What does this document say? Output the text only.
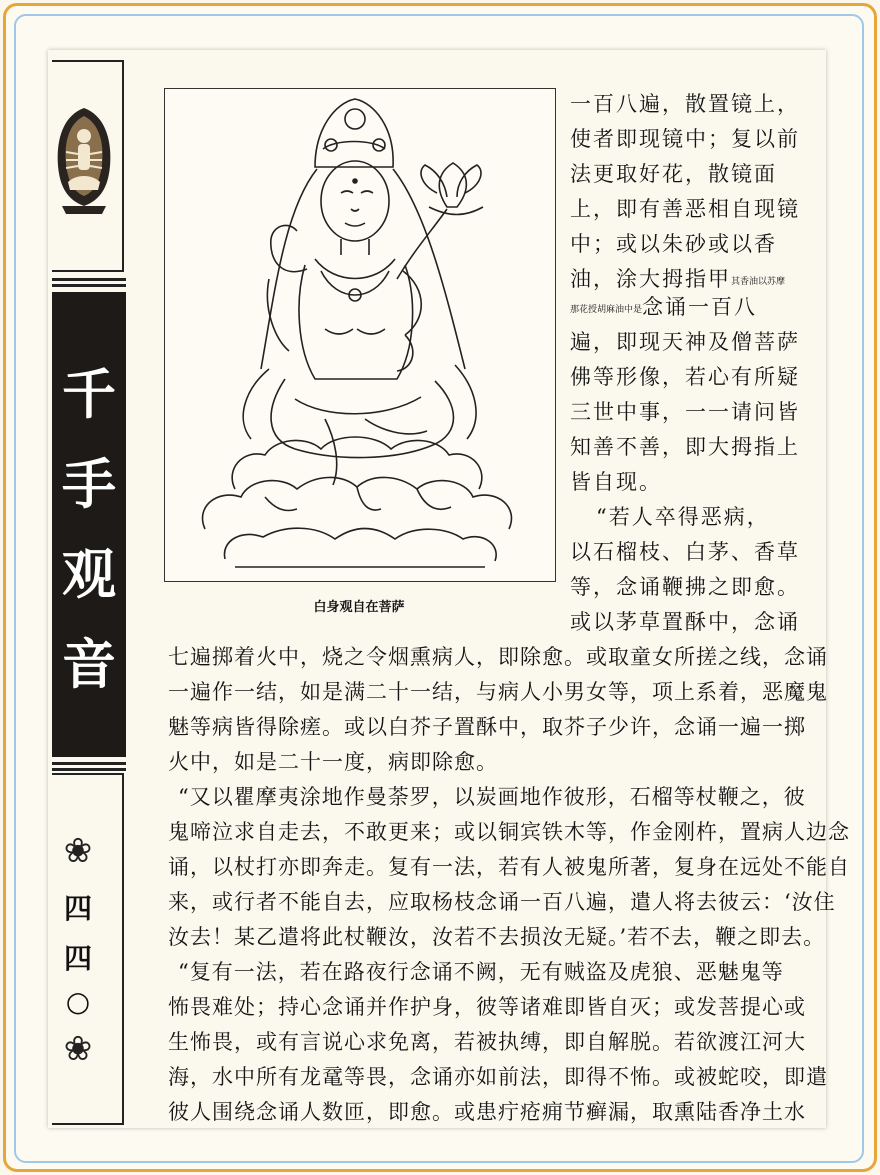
千
手
观
音
❀
四
四
○
❀
白身观自在菩萨
一百八遍，散置镜上，
使者即现镜中；复以前
法更取好花，散镜面
上，即有善恶相自现镜
中；或以朱砂或以香
油，涂大拇指甲其香油以苏摩
那花授胡麻油中是念诵一百八
遍，即现天神及僧菩萨
佛等形像，若心有所疑
三世中事，一一请问皆
知善不善，即大拇指上
皆自现。
“若人卒得恶病，
以石榴枝、白茅、香草
等，念诵鞭拂之即愈。
或以茅草置酥中，念诵
七遍掷着火中，烧之令烟熏病人，即除愈。或取童女所搓之线，念诵
一遍作一结，如是满二十一结，与病人小男女等，项上系着，恶魔鬼
魅等病皆得除瘥。或以白芥子置酥中，取芥子少许，念诵一遍一掷
火中，如是二十一度，病即除愈。
“又以瞿摩夷涂地作曼荼罗，以炭画地作彼形，石榴等杖鞭之，彼
鬼啼泣求自走去，不敢更来；或以铜宾铁木等，作金刚杵，置病人边念
诵，以杖打亦即奔走。复有一法，若有人被鬼所著，复身在远处不能自
来，或行者不能自去，应取杨枝念诵一百八遍，遣人将去彼云：‘汝住
汝去！某乙遣将此杖鞭汝，汝若不去损汝无疑。’若不去，鞭之即去。
“复有一法，若在路夜行念诵不阙，无有贼盗及虎狼、恶魅鬼等
怖畏难处；持心念诵并作护身，彼等诸难即皆自灭；或发菩提心或
生怖畏，或有言说心求免离，若被执缚，即自解脱。若欲渡江河大
海，水中所有龙鼋等畏，念诵亦如前法，即得不怖。或被蛇咬，即遣
彼人围绕念诵人数匝，即愈。或患疔疮痈节癣漏，取熏陆香净土水
